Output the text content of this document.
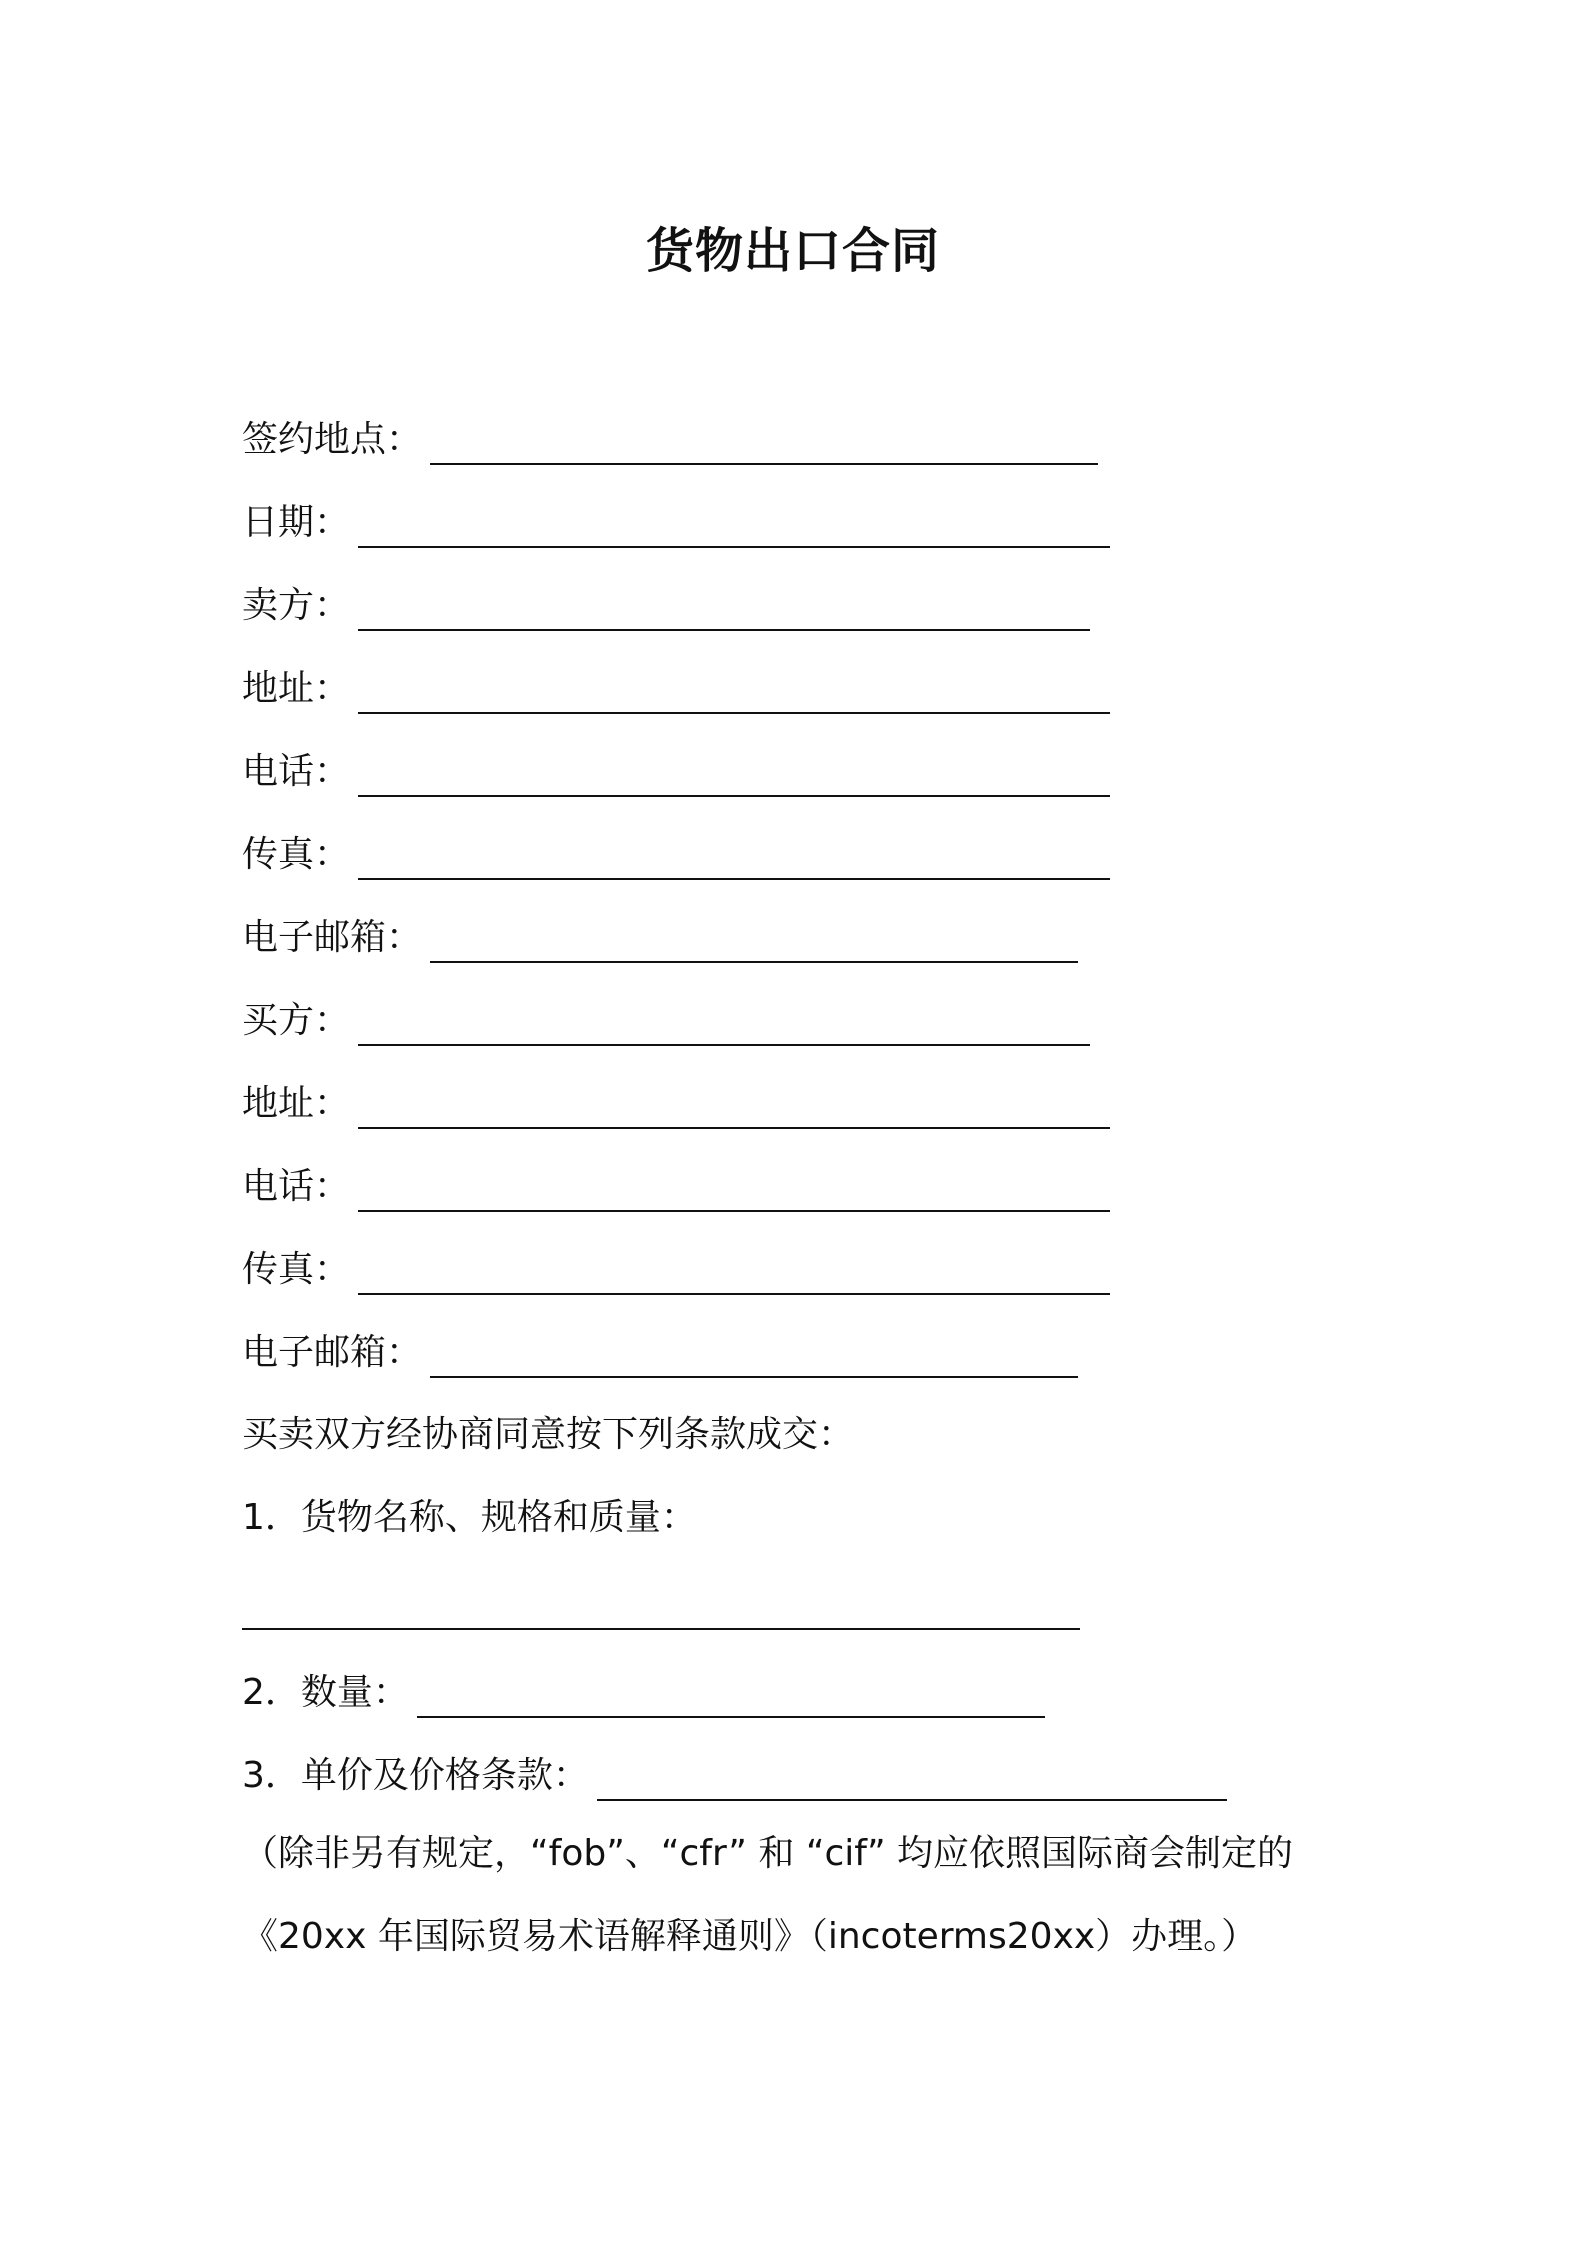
货物出口合同
签约地点：
日期：
卖方：
地址：
电话：
传真：
电子邮箱：
买方：
地址：
电话：
传真：
电子邮箱：
买卖双方经协商同意按下列条款成交：
1．货物名称、规格和质量：
2．数量：
3．单价及价格条款：
（除非另有规定，“fob”、“cfr” 和 “cif” 均应依照国际商会制定的
《20xx 年国际贸易术语解释通则》（incoterms20xx）办理。）
